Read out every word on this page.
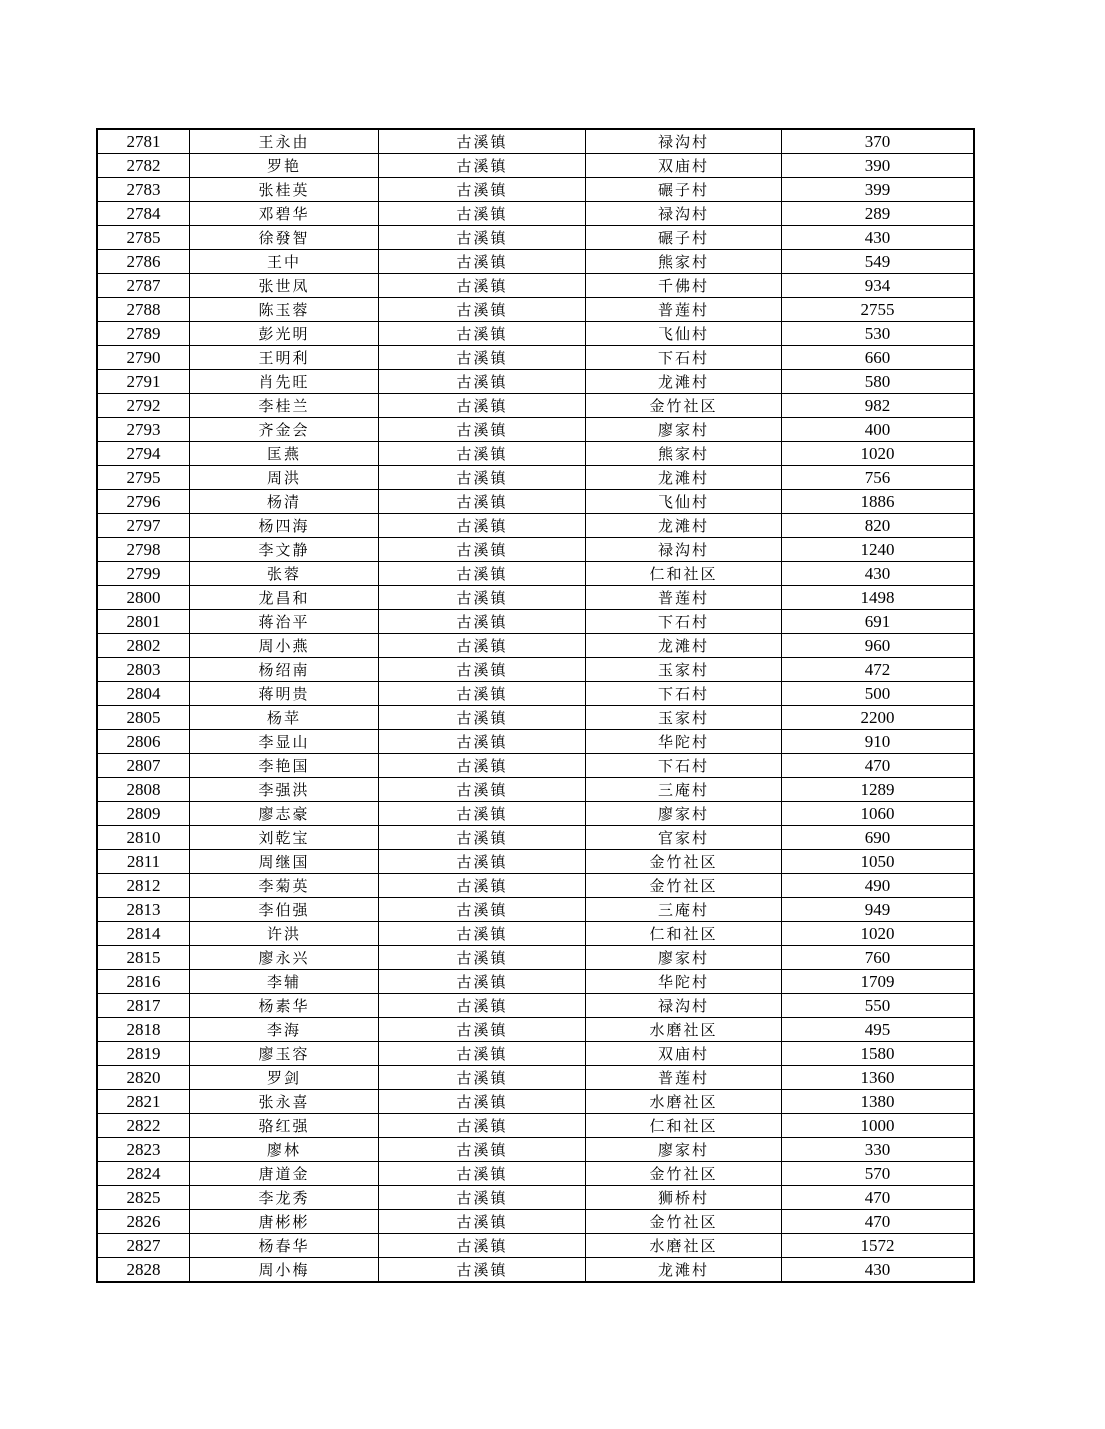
2781	王永由	古溪镇	禄沟村	370
2782	罗艳	古溪镇	双庙村	390
2783	张桂英	古溪镇	碾子村	399
2784	邓碧华	古溪镇	禄沟村	289
2785	徐發智	古溪镇	碾子村	430
2786	王中	古溪镇	熊家村	549
2787	张世凤	古溪镇	千佛村	934
2788	陈玉蓉	古溪镇	普莲村	2755
2789	彭光明	古溪镇	飞仙村	530
2790	王明利	古溪镇	下石村	660
2791	肖先旺	古溪镇	龙滩村	580
2792	李桂兰	古溪镇	金竹社区	982
2793	齐金会	古溪镇	廖家村	400
2794	匡燕	古溪镇	熊家村	1020
2795	周洪	古溪镇	龙滩村	756
2796	杨清	古溪镇	飞仙村	1886
2797	杨四海	古溪镇	龙滩村	820
2798	李文静	古溪镇	禄沟村	1240
2799	张蓉	古溪镇	仁和社区	430
2800	龙昌和	古溪镇	普莲村	1498
2801	蒋治平	古溪镇	下石村	691
2802	周小燕	古溪镇	龙滩村	960
2803	杨绍南	古溪镇	玉家村	472
2804	蒋明贵	古溪镇	下石村	500
2805	杨苹	古溪镇	玉家村	2200
2806	李显山	古溪镇	华陀村	910
2807	李艳国	古溪镇	下石村	470
2808	李强洪	古溪镇	三庵村	1289
2809	廖志豪	古溪镇	廖家村	1060
2810	刘乾宝	古溪镇	官家村	690
2811	周继国	古溪镇	金竹社区	1050
2812	李菊英	古溪镇	金竹社区	490
2813	李伯强	古溪镇	三庵村	949
2814	许洪	古溪镇	仁和社区	1020
2815	廖永兴	古溪镇	廖家村	760
2816	李辅	古溪镇	华陀村	1709
2817	杨素华	古溪镇	禄沟村	550
2818	李海	古溪镇	水磨社区	495
2819	廖玉容	古溪镇	双庙村	1580
2820	罗剑	古溪镇	普莲村	1360
2821	张永喜	古溪镇	水磨社区	1380
2822	骆红强	古溪镇	仁和社区	1000
2823	廖林	古溪镇	廖家村	330
2824	唐道金	古溪镇	金竹社区	570
2825	李龙秀	古溪镇	狮桥村	470
2826	唐彬彬	古溪镇	金竹社区	470
2827	杨春华	古溪镇	水磨社区	1572
2828	周小梅	古溪镇	龙滩村	430
